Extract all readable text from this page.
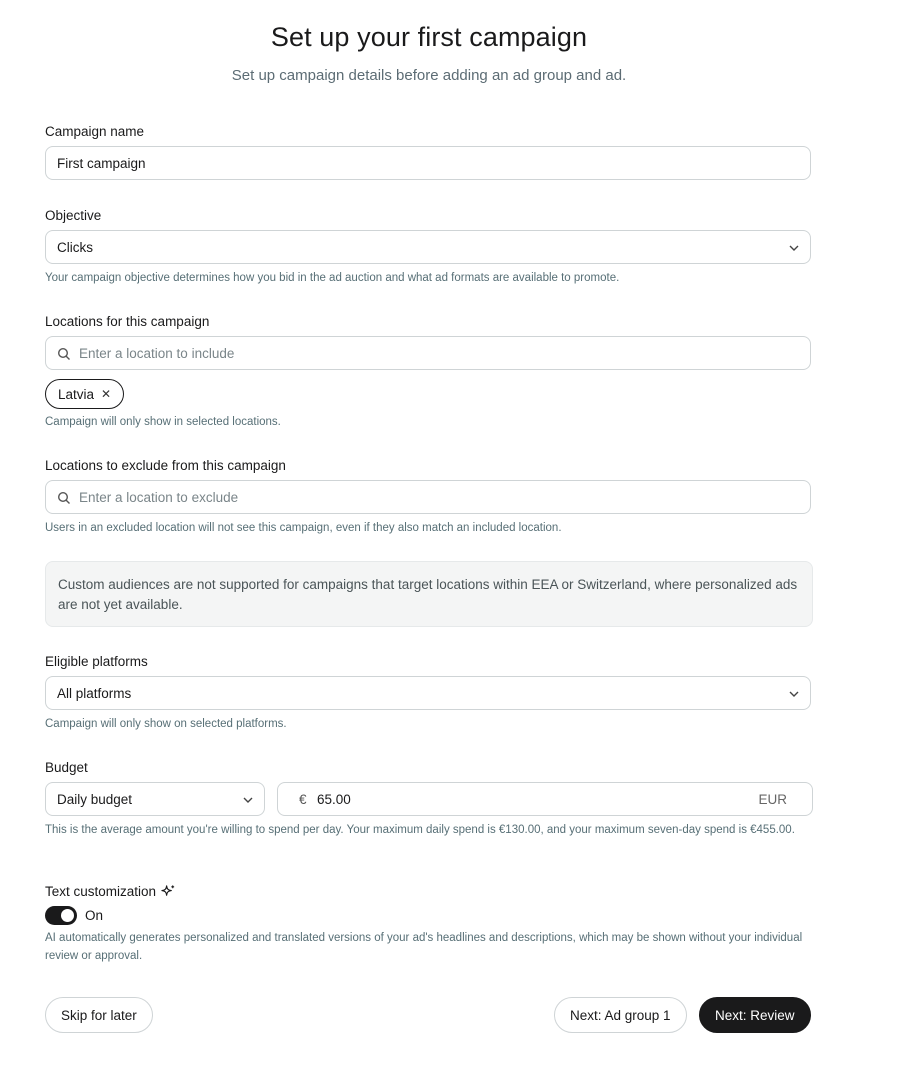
Set up your first campaign
Set up campaign details before adding an ad group and ad.
Campaign name
First campaign
Objective
Clicks
Your campaign objective determines how you bid in the ad auction and what ad formats are available to promote.
Locations for this campaign
Enter a location to include
Latvia ✕
Campaign will only show in selected locations.
Locations to exclude from this campaign
Enter a location to exclude
Users in an excluded location will not see this campaign, even if they also match an included location.
Custom audiences are not supported for campaigns that target locations within EEA or Switzerland, where personalized ads are not yet available.
Eligible platforms
All platforms
Campaign will only show on selected platforms.
Budget
Daily budget	€ 65.00	EUR
This is the average amount you're willing to spend per day. Your maximum daily spend is €130.00, and your maximum seven-day spend is €455.00.
Text customization
On
AI automatically generates personalized and translated versions of your ad's headlines and descriptions, which may be shown without your individual review or approval.
Skip for later	Next: Ad group 1	Next: Review
